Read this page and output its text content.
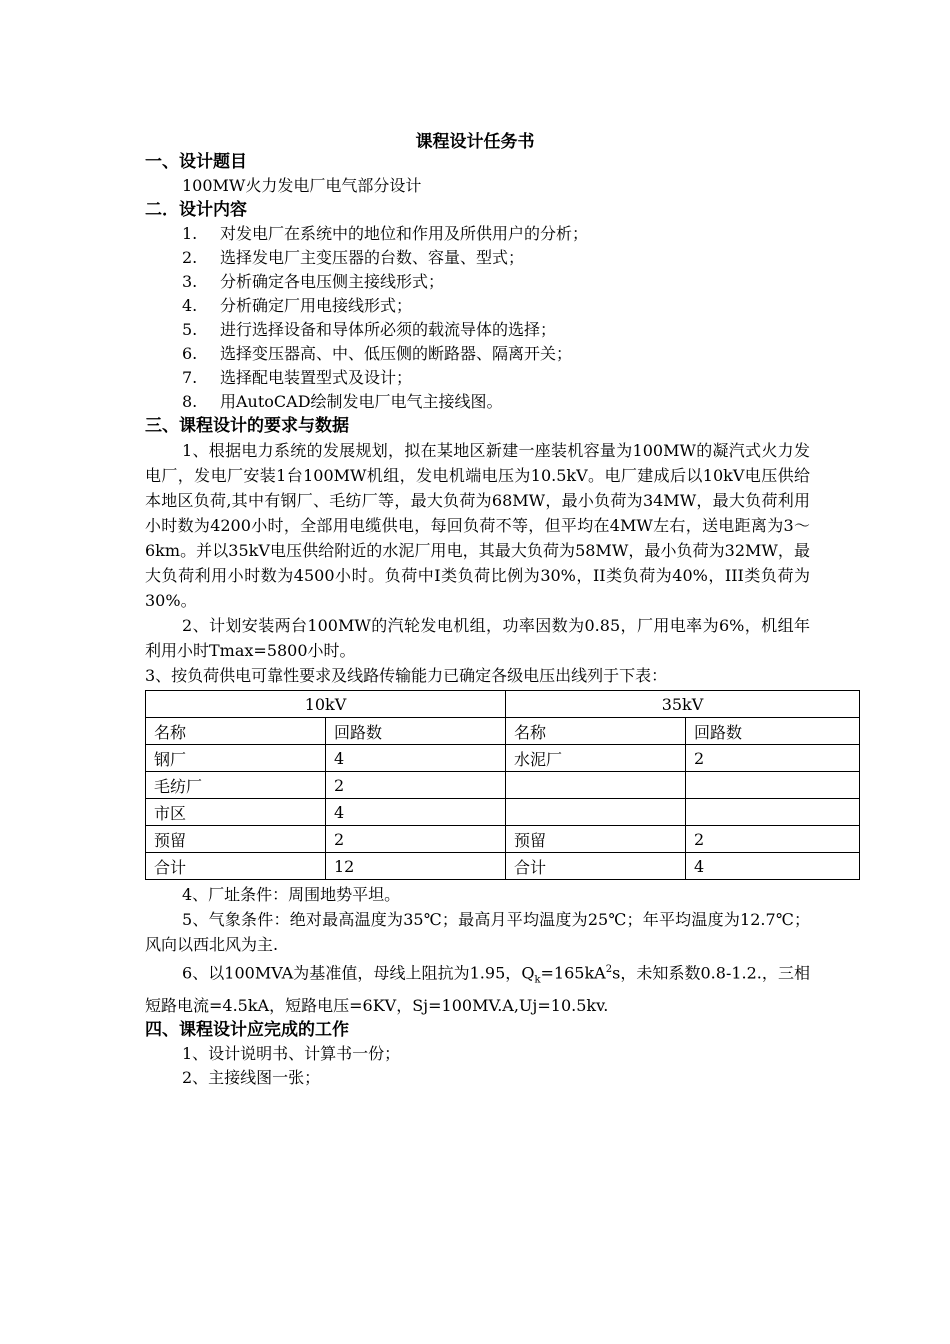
课程设计任务书

一、设计题目

100MW火力发电厂电气部分设计

二．设计内容

1.	对发电厂在系统中的地位和作用及所供用户的分析；
2.	选择发电厂主变压器的台数、容量、型式；
3.	分析确定各电压侧主接线形式；
4.	分析确定厂用电接线形式；
5.	进行选择设备和导体所必须的载流导体的选择；
6.	选择变压器高、中、低压侧的断路器、隔离开关；
7.	选择配电装置型式及设计；
8.	用AutoCAD绘制发电厂电气主接线图。

三、课程设计的要求与数据

1、根据电力系统的发展规划，拟在某地区新建一座装机容量为100MW的凝汽式火力发电厂，发电厂安装1台100MW机组，发电机端电压为10.5kV。电厂建成后以10kV电压供给本地区负荷,其中有钢厂、毛纺厂等，最大负荷为68MW，最小负荷为34MW，最大负荷利用小时数为4200小时，全部用电缆供电，每回负荷不等，但平均在4MW左右，送电距离为3～6km。并以35kV电压供给附近的水泥厂用电，其最大负荷为58MW，最小负荷为32MW，最大负荷利用小时数为4500小时。负荷中I类负荷比例为30%，II类负荷为40%，III类负荷为30%。

2、计划安装两台100MW的汽轮发电机组，功率因数为0.85，厂用电率为6%，机组年利用小时Tmax=5800小时。

3、按负荷供电可靠性要求及线路传输能力已确定各级电压出线列于下表：

10kV		35kV	
名称	回路数	名称	回路数
钢厂	4	水泥厂	2
毛纺厂	2		
市区	4		
预留	2	预留	2
合计	12	合计	4

4、厂址条件：周围地势平坦。

5、气象条件：绝对最高温度为35℃；最高月平均温度为25℃；年平均温度为12.7℃；风向以西北风为主.

6、以100MVA为基准值，母线上阻抗为1.95，$Q_k=165kA^2s$，未知系数0.8-1.2.，三相短路电流=4.5kA，短路电压=6KV，Sj=100MV.A,Uj=10.5kv.

四、课程设计应完成的工作

1、设计说明书、计算书一份；

2、主接线图一张；
